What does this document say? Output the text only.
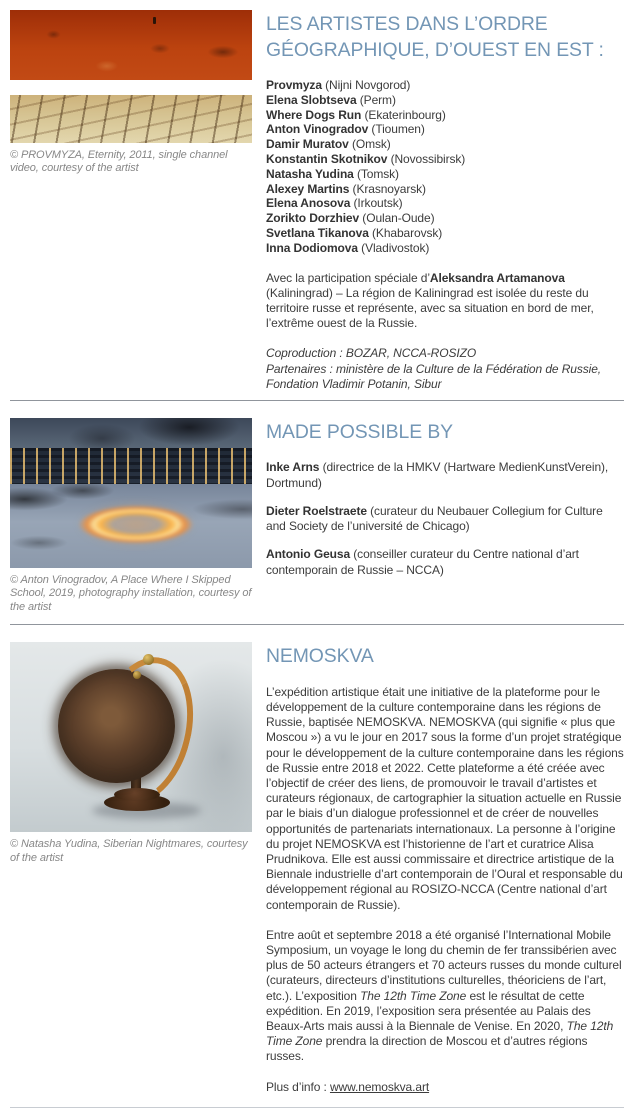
© PROVMYZA, Eternity, 2011, single channel video, courtesy of the artist
LES ARTISTES DANS L’ORDRE GÉOGRAPHIQUE, D’OUEST EN EST :
Provmyza (Nijni Novgorod)
Elena Slobtseva (Perm)
Where Dogs Run (Ekaterinbourg)
Anton Vinogradov (Tioumen)
Damir Muratov (Omsk)
Konstantin Skotnikov (Novossibirsk)
Natasha Yudina (Tomsk)
Alexey Martins (Krasnoyarsk)
Elena Anosova (Irkoutsk)
Zorikto Dorzhiev (Oulan-Oude)
Svetlana Tikanova (Khabarovsk)
Inna Dodiomova (Vladivostok)
Avec la participation spéciale d’Aleksandra Artamanova (Kaliningrad) – La région de Kaliningrad est isolée du reste du territoire russe et représente, avec sa situation en bord de mer, l’extrême ouest de la Russie.
Coproduction : BOZAR, NCCA-ROSIZO
Partenaires : ministère de la Culture de la Fédération de Russie, Fondation Vladimir Potanin, Sibur
© Anton Vinogradov, A Place Where I Skipped School, 2019, photography installation, courtesy of the artist
MADE POSSIBLE BY
Inke Arns (directrice de la HMKV (Hartware MedienKunstVerein), Dortmund)
Dieter Roelstraete (curateur du Neubauer Collegium for Culture and Society de l’université de Chicago)
Antonio Geusa (conseiller curateur du Centre national d’art contemporain de Russie – NCCA)
© Natasha Yudina, Siberian Nightmares, courtesy of the artist
NEMOSKVA
L’expédition artistique était une initiative de la plateforme pour le développement de la culture contemporaine dans les régions de Russie, baptisée NEMOSKVA. NEMOSKVA (qui signifie « plus que Moscou ») a vu le jour en 2017 sous la forme d’un projet stratégique pour le développement de la culture contemporaine dans les régions de Russie entre 2018 et 2022. Cette plateforme a été créée avec l’objectif de créer des liens, de promouvoir le travail d’artistes et curateurs régionaux, de cartographier la situation actuelle en Russie par le biais d’un dialogue professionnel et de créer de nouvelles opportunités de partenariats internationaux. La personne à l’origine du projet NEMOSKVA est l’historienne de l’art et curatrice Alisa Prudnikova. Elle est aussi commissaire et directrice artistique de la Biennale industrielle d’art contemporain de l’Oural et responsable du développement régional au ROSIZO-NCCA (Centre national d’art contemporain de Russie).
Entre août et septembre 2018 a été organisé l’International Mobile Symposium, un voyage le long du chemin de fer transsibérien avec plus de 50 acteurs étrangers et 70 acteurs russes du monde culturel (curateurs, directeurs d’institutions culturelles, théoriciens de l’art, etc.). L’exposition The 12th Time Zone est le résultat de cette expédition. En 2019, l’exposition sera présentée au Palais des Beaux-Arts mais aussi à la Biennale de Venise. En 2020, The 12th Time Zone prendra la direction de Moscou et d’autres régions russes.
Plus d’info : www.nemoskva.art
